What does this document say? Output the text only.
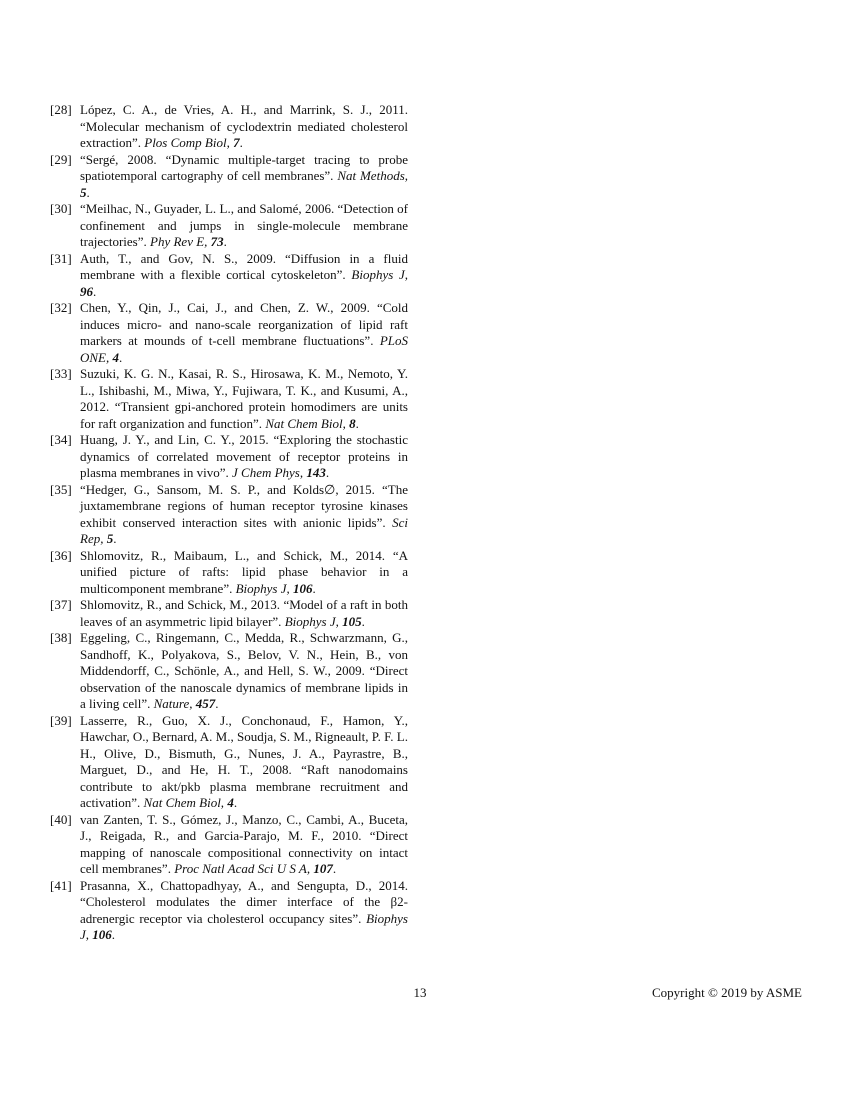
[28] López, C. A., de Vries, A. H., and Marrink, S. J., 2011. “Molecular mechanism of cyclodextrin mediated cholesterol extraction”. Plos Comp Biol, 7.
[29] “Sergé, 2008. “Dynamic multiple-target tracing to probe spatiotemporal cartography of cell membranes”. Nat Methods, 5.
[30] “Meilhac, N., Guyader, L. L., and Salomé, 2006. “Detection of confinement and jumps in single-molecule membrane trajectories”. Phy Rev E, 73.
[31] Auth, T., and Gov, N. S., 2009. “Diffusion in a fluid membrane with a flexible cortical cytoskeleton”. Biophys J, 96.
[32] Chen, Y., Qin, J., Cai, J., and Chen, Z. W., 2009. “Cold induces micro- and nano-scale reorganization of lipid raft markers at mounds of t-cell membrane fluctuations”. PLoS ONE, 4.
[33] Suzuki, K. G. N., Kasai, R. S., Hirosawa, K. M., Nemoto, Y. L., Ishibashi, M., Miwa, Y., Fujiwara, T. K., and Kusumi, A., 2012. “Transient gpi-anchored protein homodimers are units for raft organization and function”. Nat Chem Biol, 8.
[34] Huang, J. Y., and Lin, C. Y., 2015. “Exploring the stochastic dynamics of correlated movement of receptor proteins in plasma membranes in vivo”. J Chem Phys, 143.
[35] “Hedger, G., Sansom, M. S. P., and Kolds∅, 2015. “The juxtamembrane regions of human receptor tyrosine kinases exhibit conserved interaction sites with anionic lipids”. Sci Rep, 5.
[36] Shlomovitz, R., Maibaum, L., and Schick, M., 2014. “A unified picture of rafts: lipid phase behavior in a multicomponent membrane”. Biophys J, 106.
[37] Shlomovitz, R., and Schick, M., 2013. “Model of a raft in both leaves of an asymmetric lipid bilayer”. Biophys J, 105.
[38] Eggeling, C., Ringemann, C., Medda, R., Schwarzmann, G., Sandhoff, K., Polyakova, S., Belov, V. N., Hein, B., von Middendorff, C., Schönle, A., and Hell, S. W., 2009. “Direct observation of the nanoscale dynamics of membrane lipids in a living cell”. Nature, 457.
[39] Lasserre, R., Guo, X. J., Conchonaud, F., Hamon, Y., Hawchar, O., Bernard, A. M., Soudja, S. M., Rigneault, P. F. L. H., Olive, D., Bismuth, G., Nunes, J. A., Payrastre, B., Marguet, D., and He, H. T., 2008. “Raft nanodomains contribute to akt/pkb plasma membrane recruitment and activation”. Nat Chem Biol, 4.
[40] van Zanten, T. S., Gómez, J., Manzo, C., Cambi, A., Buceta, J., Reigada, R., and Garcia-Parajo, M. F., 2010. “Direct mapping of nanoscale compositional connectivity on intact cell membranes”. Proc Natl Acad Sci U S A, 107.
[41] Prasanna, X., Chattopadhyay, A., and Sengupta, D., 2014. “Cholesterol modulates the dimer interface of the β2-adrenergic receptor via cholesterol occupancy sites”. Biophys J, 106.
13	Copyright © 2019 by ASME
